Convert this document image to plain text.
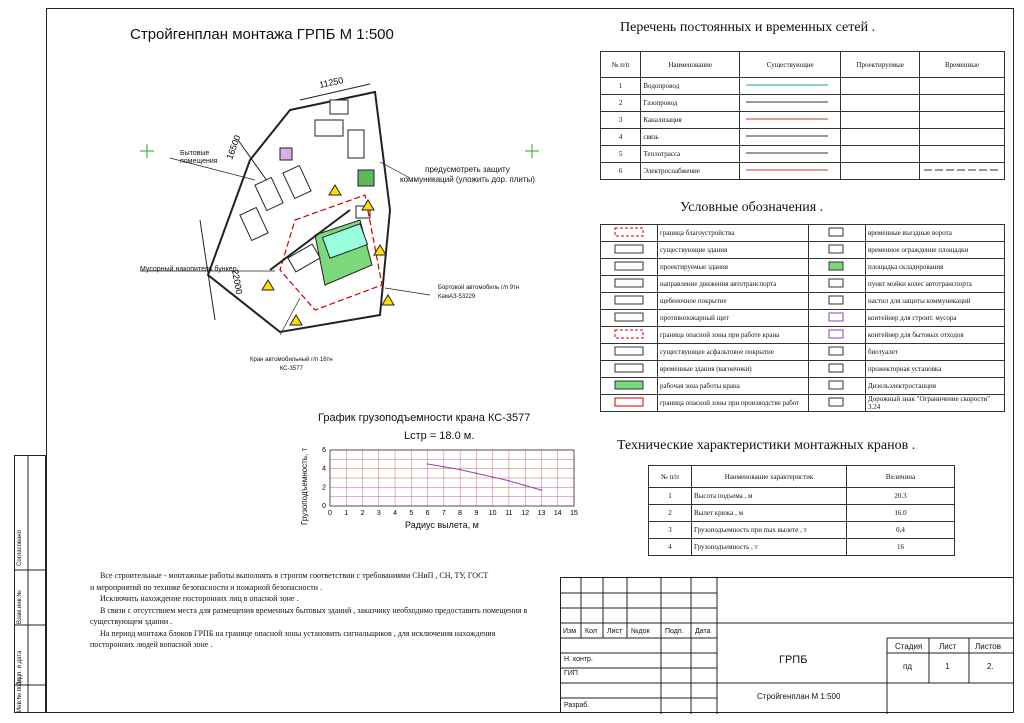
Согласовано
Взам.инв.№
Подп. и дата
Инв.№ подл.
Стройгенплан монтажа ГРПБ М 1:500
11250
16500
22000
Бытовые
помещения
предусмотреть защиту
коммуникаций (уложить дор. плиты)
Мусорный накопитель бункер
Бортовой автомобиль г/п 9тн
КамАЗ-53229
Кран автомобильный г/п 16тн
КС-3577
График грузоподъемности крана КС-3577
Lстр = 18.0 м.
Грузоподъемность, т	Радиус вылета, м
0 1 2 3 4 5 6 7 8 9 10 11 12 13 14 15
0
2
4
6
Перечень постоянных и временных сетей .
№ п/п	Наименование	Существующие	Проектируемые	Временные
1	Водопровод			
2	Газопровод			
3	Канализация			
4	связь			
5	Теплотрасса			
6	Электроснабжение			
Условные обозначения .
	граница благоустройства		временные въездные ворота
	существующие здания		временное ограждение площадки
	проектируемые здания		площадка складирования
	направление движения автотранспорта		пункт мойки колес автотранспорта
	щебеночное покрытие		настил для защиты коммуникаций
	противопожарный щит		контейнер для строит. мусора
	граница опасной зоны при работе крана		контейнер для бытовых отходов
	существующее асфальтовое покрытие		биотуалет
	временные здания (вагончики)		прожекторная установка
	рабочая зона работы крана		Дизельэлектростанция
	граница опасной зоны при производстве работ		Дорожный знак "Ограничение скорости" 3.24
Технические характеристики монтажных кранов .
№ п/п	Наименование характеристик	Величина
1	Высота подъема , м	20.3
2	Вылет крюка , м	16.0
3	Грузоподъемность при max вылете , т	0,4
4	Грузоподъемность , т	16

Все строительные - монтажные работы выполнять в строгом соответствии с требованиями СНиП , СН, ТУ, ГОСТ

и мероприятий по технике безопасности и пожарной безопасности .

Исключить нахождение посторонних лиц в опасной зоне .

В связи с отсутствием места для размещения временных бытовых зданий , заказчику необходимо предоставить помещения в существующем здании .

На период монтажа блоков ГРПБ на границе опасной зоны установить сигнальщиков , для исключения нахождения посторонних людей вопасной зоне .

Изм Кол Лист №док Подп. Дата
Н. контр.
ГИП
Разраб.
ГРПБ
Стройгенплан М 1:500
Стадия Лист Листов
пд	1	2.
